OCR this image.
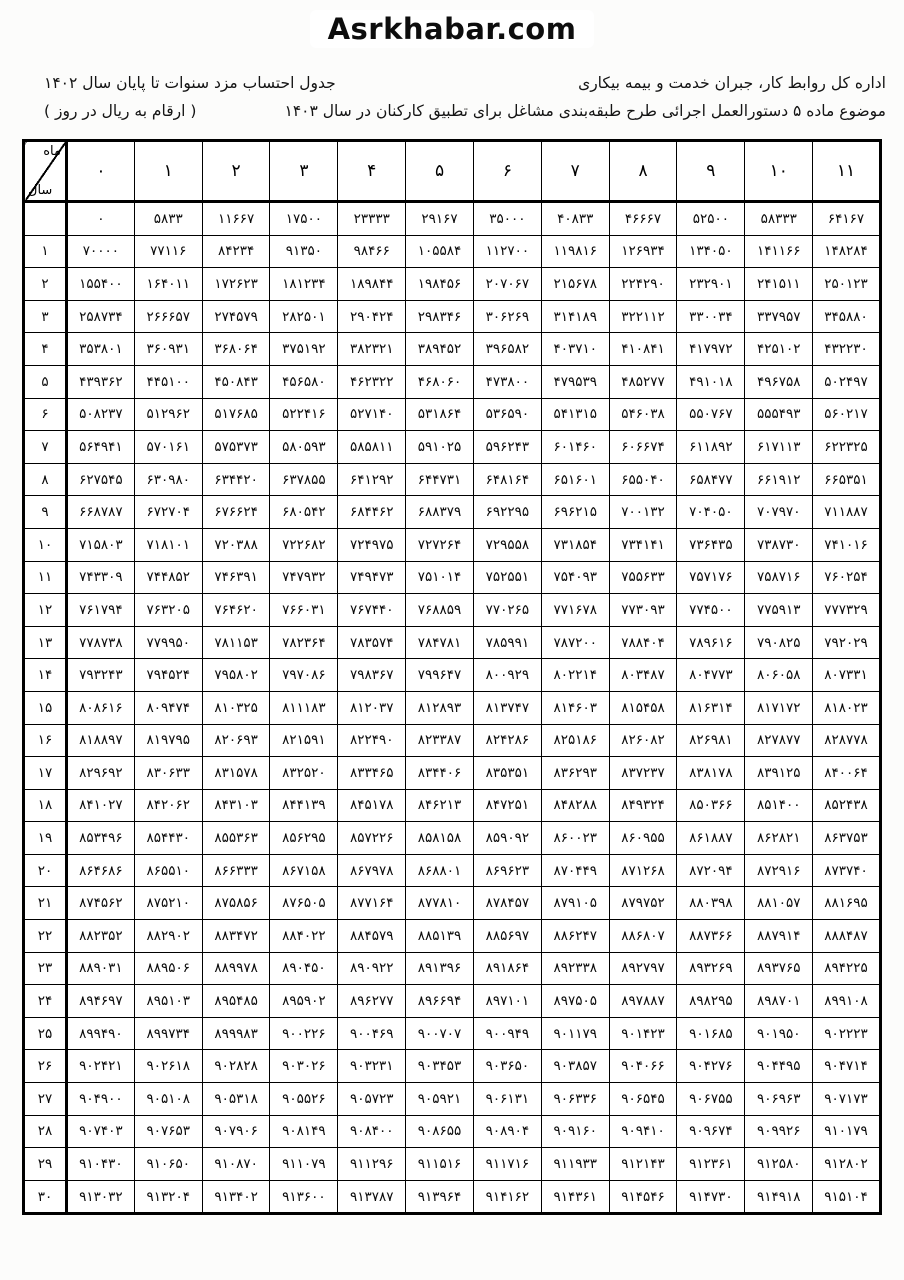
Asrkhabar.com
اداره کل روابط کار، جبران خدمت و بیمه بیکاری
جدول احتساب مزد سنوات تا پایان سال ۱۴۰۲
موضوع ماده ۵ دستورالعمل اجرائی طرح طبقه‌بندی مشاغل برای تطبیق کارکنان در سال ۱۴۰۳
( ارقام به ریال در روز )
ماه
سال	۰	۱	۲	۳	۴	۵	۶	۷	۸	۹	۱۰	۱۱
	۰	۵۸۳۳	۱۱۶۶۷	۱۷۵۰۰	۲۳۳۳۳	۲۹۱۶۷	۳۵۰۰۰	۴۰۸۳۳	۴۶۶۶۷	۵۲۵۰۰	۵۸۳۳۳	۶۴۱۶۷
۱	۷۰۰۰۰	۷۷۱۱۶	۸۴۲۳۴	۹۱۳۵۰	۹۸۴۶۶	۱۰۵۵۸۴	۱۱۲۷۰۰	۱۱۹۸۱۶	۱۲۶۹۳۴	۱۳۴۰۵۰	۱۴۱۱۶۶	۱۴۸۲۸۴
۲	۱۵۵۴۰۰	۱۶۴۰۱۱	۱۷۲۶۲۳	۱۸۱۲۳۴	۱۸۹۸۴۴	۱۹۸۴۵۶	۲۰۷۰۶۷	۲۱۵۶۷۸	۲۲۴۲۹۰	۲۳۲۹۰۱	۲۴۱۵۱۱	۲۵۰۱۲۳
۳	۲۵۸۷۳۴	۲۶۶۶۵۷	۲۷۴۵۷۹	۲۸۲۵۰۱	۲۹۰۴۲۴	۲۹۸۳۴۶	۳۰۶۲۶۹	۳۱۴۱۸۹	۳۲۲۱۱۲	۳۳۰۰۳۴	۳۳۷۹۵۷	۳۴۵۸۸۰
۴	۳۵۳۸۰۱	۳۶۰۹۳۱	۳۶۸۰۶۴	۳۷۵۱۹۲	۳۸۲۳۲۱	۳۸۹۴۵۲	۳۹۶۵۸۲	۴۰۳۷۱۰	۴۱۰۸۴۱	۴۱۷۹۷۲	۴۲۵۱۰۲	۴۳۲۲۳۰
۵	۴۳۹۳۶۲	۴۴۵۱۰۰	۴۵۰۸۴۳	۴۵۶۵۸۰	۴۶۲۳۲۲	۴۶۸۰۶۰	۴۷۳۸۰۰	۴۷۹۵۳۹	۴۸۵۲۷۷	۴۹۱۰۱۸	۴۹۶۷۵۸	۵۰۲۴۹۷
۶	۵۰۸۲۳۷	۵۱۲۹۶۲	۵۱۷۶۸۵	۵۲۲۴۱۶	۵۲۷۱۴۰	۵۳۱۸۶۴	۵۳۶۵۹۰	۵۴۱۳۱۵	۵۴۶۰۳۸	۵۵۰۷۶۷	۵۵۵۴۹۳	۵۶۰۲۱۷
۷	۵۶۴۹۴۱	۵۷۰۱۶۱	۵۷۵۳۷۳	۵۸۰۵۹۳	۵۸۵۸۱۱	۵۹۱۰۲۵	۵۹۶۲۴۳	۶۰۱۴۶۰	۶۰۶۶۷۴	۶۱۱۸۹۲	۶۱۷۱۱۳	۶۲۲۳۲۵
۸	۶۲۷۵۴۵	۶۳۰۹۸۰	۶۳۴۴۲۰	۶۳۷۸۵۵	۶۴۱۲۹۲	۶۴۴۷۳۱	۶۴۸۱۶۴	۶۵۱۶۰۱	۶۵۵۰۴۰	۶۵۸۴۷۷	۶۶۱۹۱۲	۶۶۵۳۵۱
۹	۶۶۸۷۸۷	۶۷۲۷۰۴	۶۷۶۶۲۴	۶۸۰۵۴۲	۶۸۴۴۶۲	۶۸۸۳۷۹	۶۹۲۲۹۵	۶۹۶۲۱۵	۷۰۰۱۳۲	۷۰۴۰۵۰	۷۰۷۹۷۰	۷۱۱۸۸۷
۱۰	۷۱۵۸۰۳	۷۱۸۱۰۱	۷۲۰۳۸۸	۷۲۲۶۸۲	۷۲۴۹۷۵	۷۲۷۲۶۴	۷۲۹۵۵۸	۷۳۱۸۵۴	۷۳۴۱۴۱	۷۳۶۴۳۵	۷۳۸۷۳۰	۷۴۱۰۱۶
۱۱	۷۴۳۳۰۹	۷۴۴۸۵۲	۷۴۶۳۹۱	۷۴۷۹۳۲	۷۴۹۴۷۳	۷۵۱۰۱۴	۷۵۲۵۵۱	۷۵۴۰۹۳	۷۵۵۶۳۳	۷۵۷۱۷۶	۷۵۸۷۱۶	۷۶۰۲۵۴
۱۲	۷۶۱۷۹۴	۷۶۳۲۰۵	۷۶۴۶۲۰	۷۶۶۰۳۱	۷۶۷۴۴۰	۷۶۸۸۵۹	۷۷۰۲۶۵	۷۷۱۶۷۸	۷۷۳۰۹۳	۷۷۴۵۰۰	۷۷۵۹۱۳	۷۷۷۳۲۹
۱۳	۷۷۸۷۳۸	۷۷۹۹۵۰	۷۸۱۱۵۳	۷۸۲۳۶۴	۷۸۳۵۷۴	۷۸۴۷۸۱	۷۸۵۹۹۱	۷۸۷۲۰۰	۷۸۸۴۰۴	۷۸۹۶۱۶	۷۹۰۸۲۵	۷۹۲۰۲۹
۱۴	۷۹۳۲۴۳	۷۹۴۵۲۴	۷۹۵۸۰۲	۷۹۷۰۸۶	۷۹۸۳۶۷	۷۹۹۶۴۷	۸۰۰۹۲۹	۸۰۲۲۱۴	۸۰۳۴۸۷	۸۰۴۷۷۳	۸۰۶۰۵۸	۸۰۷۳۳۱
۱۵	۸۰۸۶۱۶	۸۰۹۴۷۴	۸۱۰۳۲۵	۸۱۱۱۸۳	۸۱۲۰۳۷	۸۱۲۸۹۳	۸۱۳۷۴۷	۸۱۴۶۰۳	۸۱۵۴۵۸	۸۱۶۳۱۴	۸۱۷۱۷۲	۸۱۸۰۲۳
۱۶	۸۱۸۸۹۷	۸۱۹۷۹۵	۸۲۰۶۹۳	۸۲۱۵۹۱	۸۲۲۴۹۰	۸۲۳۳۸۷	۸۲۴۲۸۶	۸۲۵۱۸۶	۸۲۶۰۸۲	۸۲۶۹۸۱	۸۲۷۸۷۷	۸۲۸۷۷۸
۱۷	۸۲۹۶۹۲	۸۳۰۶۳۳	۸۳۱۵۷۸	۸۳۲۵۲۰	۸۳۳۴۶۵	۸۳۴۴۰۶	۸۳۵۳۵۱	۸۳۶۲۹۳	۸۳۷۲۳۷	۸۳۸۱۷۸	۸۳۹۱۲۵	۸۴۰۰۶۴
۱۸	۸۴۱۰۲۷	۸۴۲۰۶۲	۸۴۳۱۰۳	۸۴۴۱۳۹	۸۴۵۱۷۸	۸۴۶۲۱۳	۸۴۷۲۵۱	۸۴۸۲۸۸	۸۴۹۳۲۴	۸۵۰۳۶۶	۸۵۱۴۰۰	۸۵۲۴۳۸
۱۹	۸۵۳۴۹۶	۸۵۴۴۳۰	۸۵۵۳۶۳	۸۵۶۲۹۵	۸۵۷۲۲۶	۸۵۸۱۵۸	۸۵۹۰۹۲	۸۶۰۰۲۳	۸۶۰۹۵۵	۸۶۱۸۸۷	۸۶۲۸۲۱	۸۶۳۷۵۳
۲۰	۸۶۴۶۸۶	۸۶۵۵۱۰	۸۶۶۳۳۳	۸۶۷۱۵۸	۸۶۷۹۷۸	۸۶۸۸۰۱	۸۶۹۶۲۳	۸۷۰۴۴۹	۸۷۱۲۶۸	۸۷۲۰۹۴	۸۷۲۹۱۶	۸۷۳۷۴۰
۲۱	۸۷۴۵۶۲	۸۷۵۲۱۰	۸۷۵۸۵۶	۸۷۶۵۰۵	۸۷۷۱۶۴	۸۷۷۸۱۰	۸۷۸۴۵۷	۸۷۹۱۰۵	۸۷۹۷۵۲	۸۸۰۳۹۸	۸۸۱۰۵۷	۸۸۱۶۹۵
۲۲	۸۸۲۳۵۲	۸۸۲۹۰۲	۸۸۳۴۷۲	۸۸۴۰۲۲	۸۸۴۵۷۹	۸۸۵۱۳۹	۸۸۵۶۹۷	۸۸۶۲۴۷	۸۸۶۸۰۷	۸۸۷۳۶۶	۸۸۷۹۱۴	۸۸۸۴۸۷
۲۳	۸۸۹۰۳۱	۸۸۹۵۰۶	۸۸۹۹۷۸	۸۹۰۴۵۰	۸۹۰۹۲۲	۸۹۱۳۹۶	۸۹۱۸۶۴	۸۹۲۳۳۸	۸۹۲۷۹۷	۸۹۳۲۶۹	۸۹۳۷۶۵	۸۹۴۲۲۵
۲۴	۸۹۴۶۹۷	۸۹۵۱۰۳	۸۹۵۴۸۵	۸۹۵۹۰۲	۸۹۶۲۷۷	۸۹۶۶۹۴	۸۹۷۱۰۱	۸۹۷۵۰۵	۸۹۷۸۸۷	۸۹۸۲۹۵	۸۹۸۷۰۱	۸۹۹۱۰۸
۲۵	۸۹۹۴۹۰	۸۹۹۷۳۴	۸۹۹۹۸۳	۹۰۰۲۲۶	۹۰۰۴۶۹	۹۰۰۷۰۷	۹۰۰۹۴۹	۹۰۱۱۷۹	۹۰۱۴۲۳	۹۰۱۶۸۵	۹۰۱۹۵۰	۹۰۲۲۲۳
۲۶	۹۰۲۴۲۱	۹۰۲۶۱۸	۹۰۲۸۲۸	۹۰۳۰۲۶	۹۰۳۲۳۱	۹۰۳۴۵۳	۹۰۳۶۵۰	۹۰۳۸۵۷	۹۰۴۰۶۶	۹۰۴۲۷۶	۹۰۴۴۹۵	۹۰۴۷۱۴
۲۷	۹۰۴۹۰۰	۹۰۵۱۰۸	۹۰۵۳۱۸	۹۰۵۵۲۶	۹۰۵۷۲۳	۹۰۵۹۲۱	۹۰۶۱۳۱	۹۰۶۳۳۶	۹۰۶۵۴۵	۹۰۶۷۵۵	۹۰۶۹۶۳	۹۰۷۱۷۳
۲۸	۹۰۷۴۰۳	۹۰۷۶۵۳	۹۰۷۹۰۶	۹۰۸۱۴۹	۹۰۸۴۰۰	۹۰۸۶۵۵	۹۰۸۹۰۴	۹۰۹۱۶۰	۹۰۹۴۱۰	۹۰۹۶۷۴	۹۰۹۹۲۶	۹۱۰۱۷۹
۲۹	۹۱۰۴۳۰	۹۱۰۶۵۰	۹۱۰۸۷۰	۹۱۱۰۷۹	۹۱۱۲۹۶	۹۱۱۵۱۶	۹۱۱۷۱۶	۹۱۱۹۳۳	۹۱۲۱۴۳	۹۱۲۳۶۱	۹۱۲۵۸۰	۹۱۲۸۰۲
۳۰	۹۱۳۰۳۲	۹۱۳۲۰۴	۹۱۳۴۰۲	۹۱۳۶۰۰	۹۱۳۷۸۷	۹۱۳۹۶۴	۹۱۴۱۶۲	۹۱۴۳۶۱	۹۱۴۵۴۶	۹۱۴۷۳۰	۹۱۴۹۱۸	۹۱۵۱۰۴
